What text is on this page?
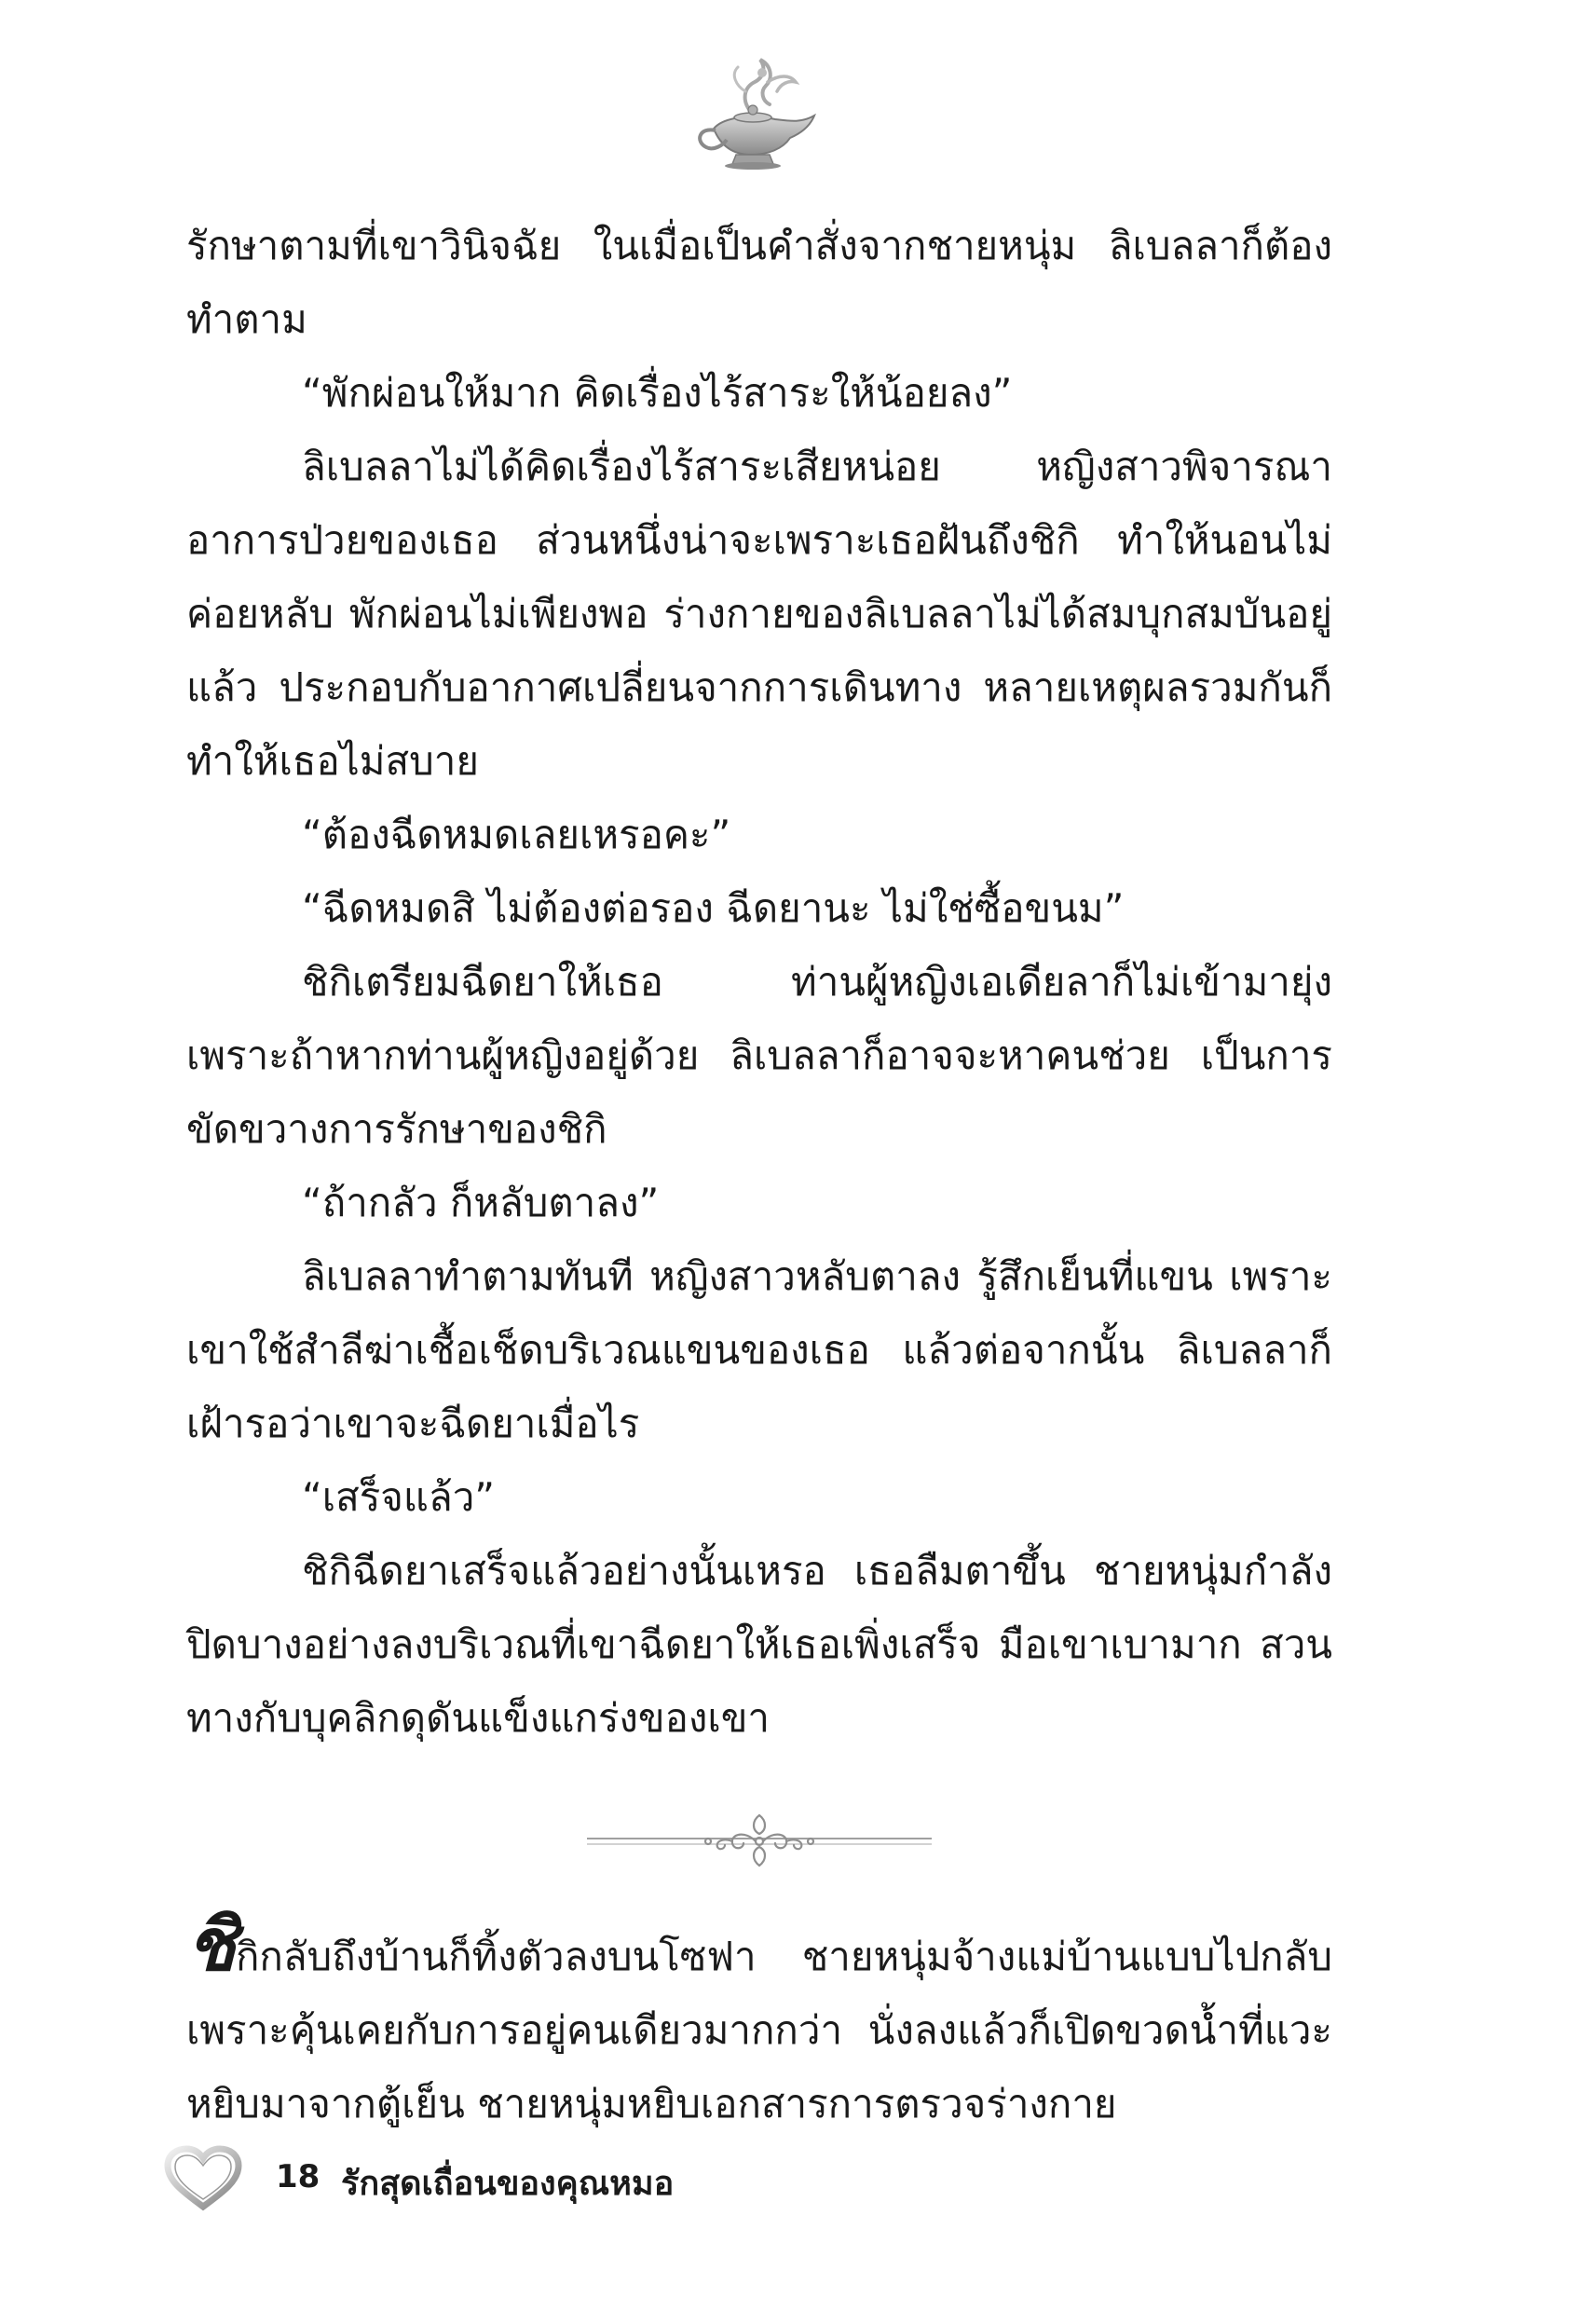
รักษาตามที่เขาวินิจฉัย ในเมื่อเป็นคำสั่งจากชายหนุ่ม ลิเบลลาก็ต้องทำตาม

“พักผ่อนให้มาก คิดเรื่องไร้สาระให้น้อยลง”

ลิเบลลาไม่ได้คิดเรื่องไร้สาระเสียหน่อย หญิงสาวพิจารณาอาการป่วยของเธอ ส่วนหนึ่งน่าจะเพราะเธอฝันถึงชิกิ ทำให้นอนไม่ค่อยหลับ พักผ่อนไม่เพียงพอ ร่างกายของลิเบลลาไม่ได้สมบุกสมบันอยู่แล้ว ประกอบกับอากาศเปลี่ยนจากการเดินทาง หลายเหตุผลรวมกันก็ทำให้เธอไม่สบาย

“ต้องฉีดหมดเลยเหรอคะ”

“ฉีดหมดสิ ไม่ต้องต่อรอง ฉีดยานะ ไม่ใช่ซื้อขนม”

ชิกิเตรียมฉีดยาให้เธอ ท่านผู้หญิงเอเดียลาก็ไม่เข้ามายุ่ง เพราะถ้าหากท่านผู้หญิงอยู่ด้วย ลิเบลลาก็อาจจะหาคนช่วย เป็นการขัดขวางการรักษาของชิกิ

“ถ้ากลัว ก็หลับตาลง”

ลิเบลลาทำตามทันที หญิงสาวหลับตาลง รู้สึกเย็นที่แขน เพราะเขาใช้สำลีฆ่าเชื้อเช็ดบริเวณแขนของเธอ แล้วต่อจากนั้น ลิเบลลาก็เฝ้ารอว่าเขาจะฉีดยาเมื่อไร

“เสร็จแล้ว”

ชิกิฉีดยาเสร็จแล้วอย่างนั้นเหรอ เธอลืมตาขึ้น ชายหนุ่มกำลังปิดบางอย่างลงบริเวณที่เขาฉีดยาให้เธอเพิ่งเสร็จ มือเขาเบามาก สวนทางกับบุคลิกดุดันแข็งแกร่งของเขา

ชิกิกลับถึงบ้านก็ทิ้งตัวลงบนโซฟา ชายหนุ่มจ้างแม่บ้านแบบไปกลับ เพราะคุ้นเคยกับการอยู่คนเดียวมากกว่า นั่งลงแล้วก็เปิดขวดน้ำที่แวะหยิบมาจากตู้เย็น ชายหนุ่มหยิบเอกสารการตรวจร่างกาย

18 รักสุดเถื่อนของคุณหมอ
